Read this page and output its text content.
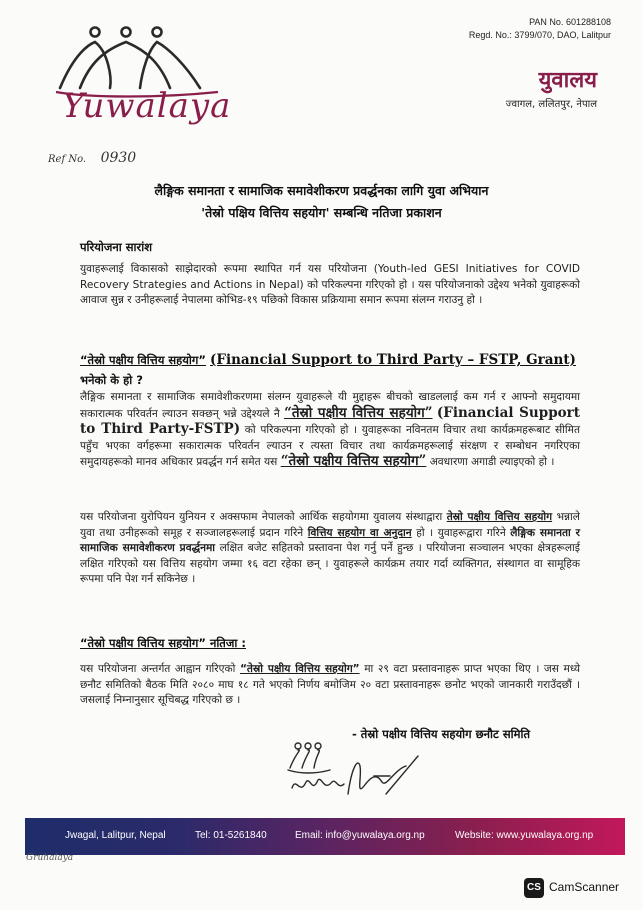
Yuwalaya
PAN No. 601288108
Regd. No.: 3799/070, DAO, Lalitpur
युवालय
ज्वागल, ललितपुर, नेपाल
Ref No. 0930
लैङ्गिक समानता र सामाजिक समावेशीकरण प्रवर्द्धनका लागि युवा अभियान
'तेस्रो पक्षिय वित्तिय सहयोग' सम्बन्धि नतिजा प्रकाशन
परियोजना सारांश
युवाहरूलाई विकासको साझेदारको रूपमा स्थापित गर्न यस परियोजना (Youth-led GESI Initiatives for COVID Recovery Strategies and Actions in Nepal) को परिकल्पना गरिएको हो । यस परियोजनाको उद्देश्य भनेको युवाहरूको आवाज सुन्न र उनीहरूलाई नेपालमा कोभिड-१९ पछिको विकास प्रक्रियामा समान रूपमा संलग्न गराउनु हो ।
“तेस्रो पक्षीय वित्तिय सहयोग” (Financial Support to Third Party – FSTP, Grant)
भनेको के हो ?
लैङ्गिक समानता र सामाजिक समावेशीकरणमा संलग्न युवाहरूले यी मुद्दाहरू बीचको खाडललाई कम गर्न र आफ्नो समुदायमा सकारात्मक परिवर्तन ल्याउन सक्छन् भन्ने उद्देश्यले नै “तेस्रो पक्षीय वित्तिय सहयोग” (Financial Support to Third Party-FSTP) को परिकल्पना गरिएको हो । युवाहरूका नविनतम विचार तथा कार्यक्रमहरूबाट सीमित पहुँच भएका वर्गहरूमा सकारात्मक परिवर्तन ल्याउन र त्यस्ता विचार तथा कार्यक्रमहरूलाई संरक्षण र सम्बोधन नगरिएका समुदायहरूको मानव अधिकार प्रवर्द्धन गर्न समेत यस “तेस्रो पक्षीय वित्तिय सहयोग” अवधारणा अगाडी ल्याइएको हो ।
यस परियोजना युरोपियन युनियन र अक्सफाम नेपालको आर्थिक सहयोगमा युवालय संस्थाद्वारा तेस्रो पक्षीय वित्तिय सहयोग भन्नाले युवा तथा उनीहरूको समूह र सञ्जालहरूलाई प्रदान गरिने वित्तिय सहयोग वा अनुदान हो । युवाहरूद्वारा गरिने लैङ्गिक समानता र सामाजिक समावेशीकरण प्रवर्द्धनमा लक्षित बजेट सहितको प्रस्तावना पेश गर्नु पर्ने हुन्छ । परियोजना सञ्चालन भएका क्षेत्रहरूलाई लक्षित गरिएको यस वित्तिय सहयोग जम्मा १६ वटा रहेका छन् । युवाहरूले कार्यक्रम तयार गर्दा व्यक्तिगत, संस्थागत वा सामूहिक रूपमा पनि पेश गर्न सकिनेछ ।
“तेस्रो पक्षीय वित्तिय सहयोग” नतिजा :
यस परियोजना अन्तर्गत आह्वान गरिएको “तेस्रो पक्षीय वित्तिय सहयोग” मा २९ वटा प्रस्तावनाहरू प्राप्त भएका थिए । जस मध्ये छनौट समितिको बैठक मिति २०८० माघ १८ गते भएको निर्णय बमोजिम २० वटा प्रस्तावनाहरू छनोट भएको जानकारी गराउँदछौं । जसलाई निम्नानुसार सूचिबद्ध गरिएको छ ।
- तेस्रो पक्षीय वित्तिय सहयोग छनौट समिति
Jwagal, Lalitpur, Nepal	Tel: 01-5261840	Email: info@yuwalaya.org.np	Website: www.yuwalaya.org.np
Gruhalaya
CS CamScanner
